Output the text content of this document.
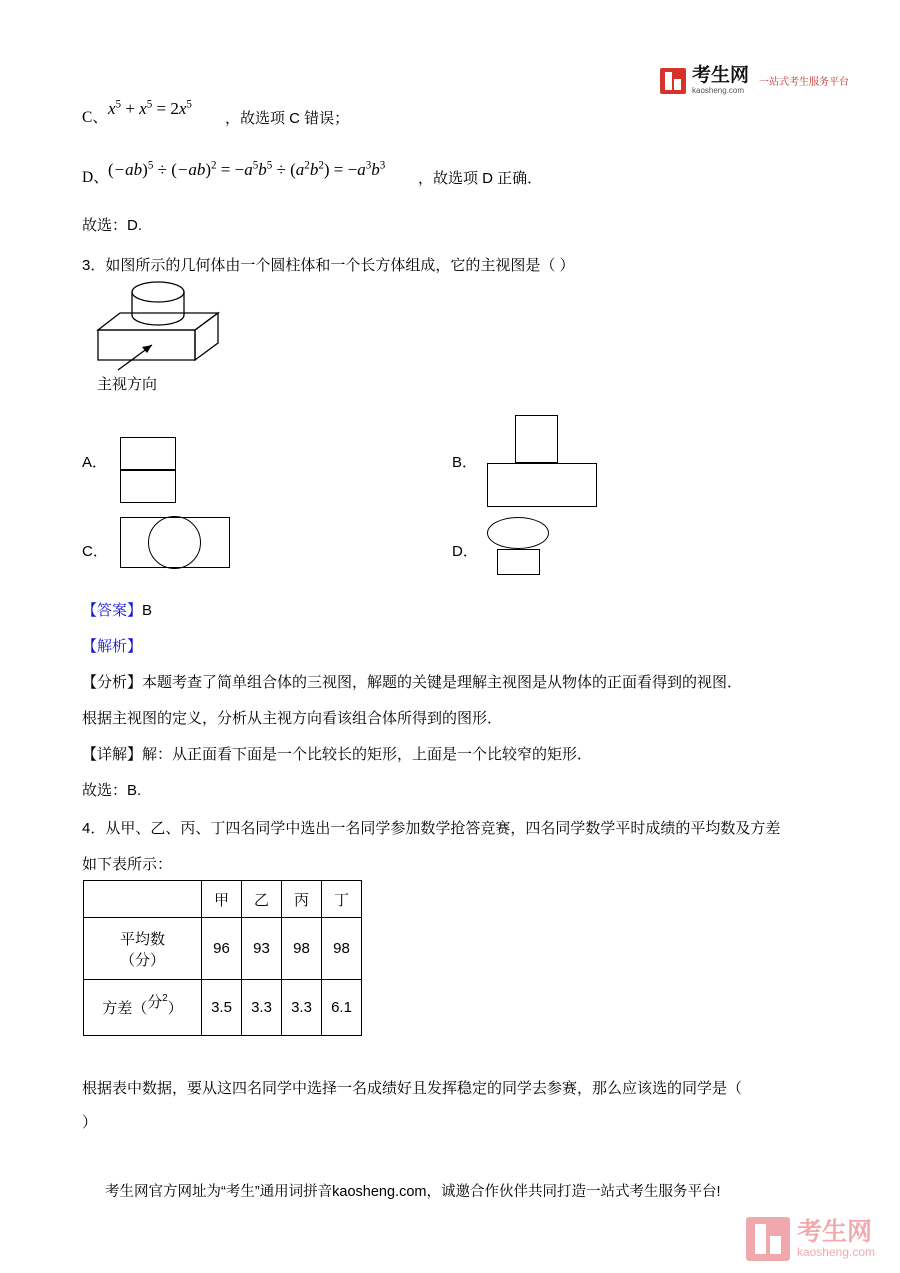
考生网
kaosheng.com
一站式考生服务平台
C、 $x^5 + x^5 = 2x^5$
，故选项 C 错误；
D、 $(-ab)^5 \div (-ab)^2 = -a^5b^5 \div (a^2b^2) = -a^3b^3$
，故选项 D 正确．
故选：D.
3．如图所示的几何体由一个圆柱体和一个长方体组成，它的主视图是（ ）
主视方向
A．	B．
C．	D．
【答案】B
【解析】
【分析】本题考查了简单组合体的三视图，解题的关键是理解主视图是从物体的正面看得到的视图．
根据主视图的定义，分析从主视方向看该组合体所得到的图形．
【详解】解：从正面看下面是一个比较长的矩形，上面是一个比较窄的矩形．
故选：B.
4．从甲、乙、丙、丁四名同学中选出一名同学参加数学抢答竞赛，四名同学数学平时成绩的平均数及方差
如下表所示：
	甲	乙	丙	丁

平均数
（分）	96	93	98	98
方差（分$^2$）	3.5	3.3	3.3	6.1
根据表中数据，要从这四名同学中选择一名成绩好且发挥稳定的同学去参赛，那么应该选的同学是（
）
考生网官方网址为“考生”通用词拼音kaosheng.com，诚邀合作伙伴共同打造一站式考生服务平台!
考生网
kaosheng.com
